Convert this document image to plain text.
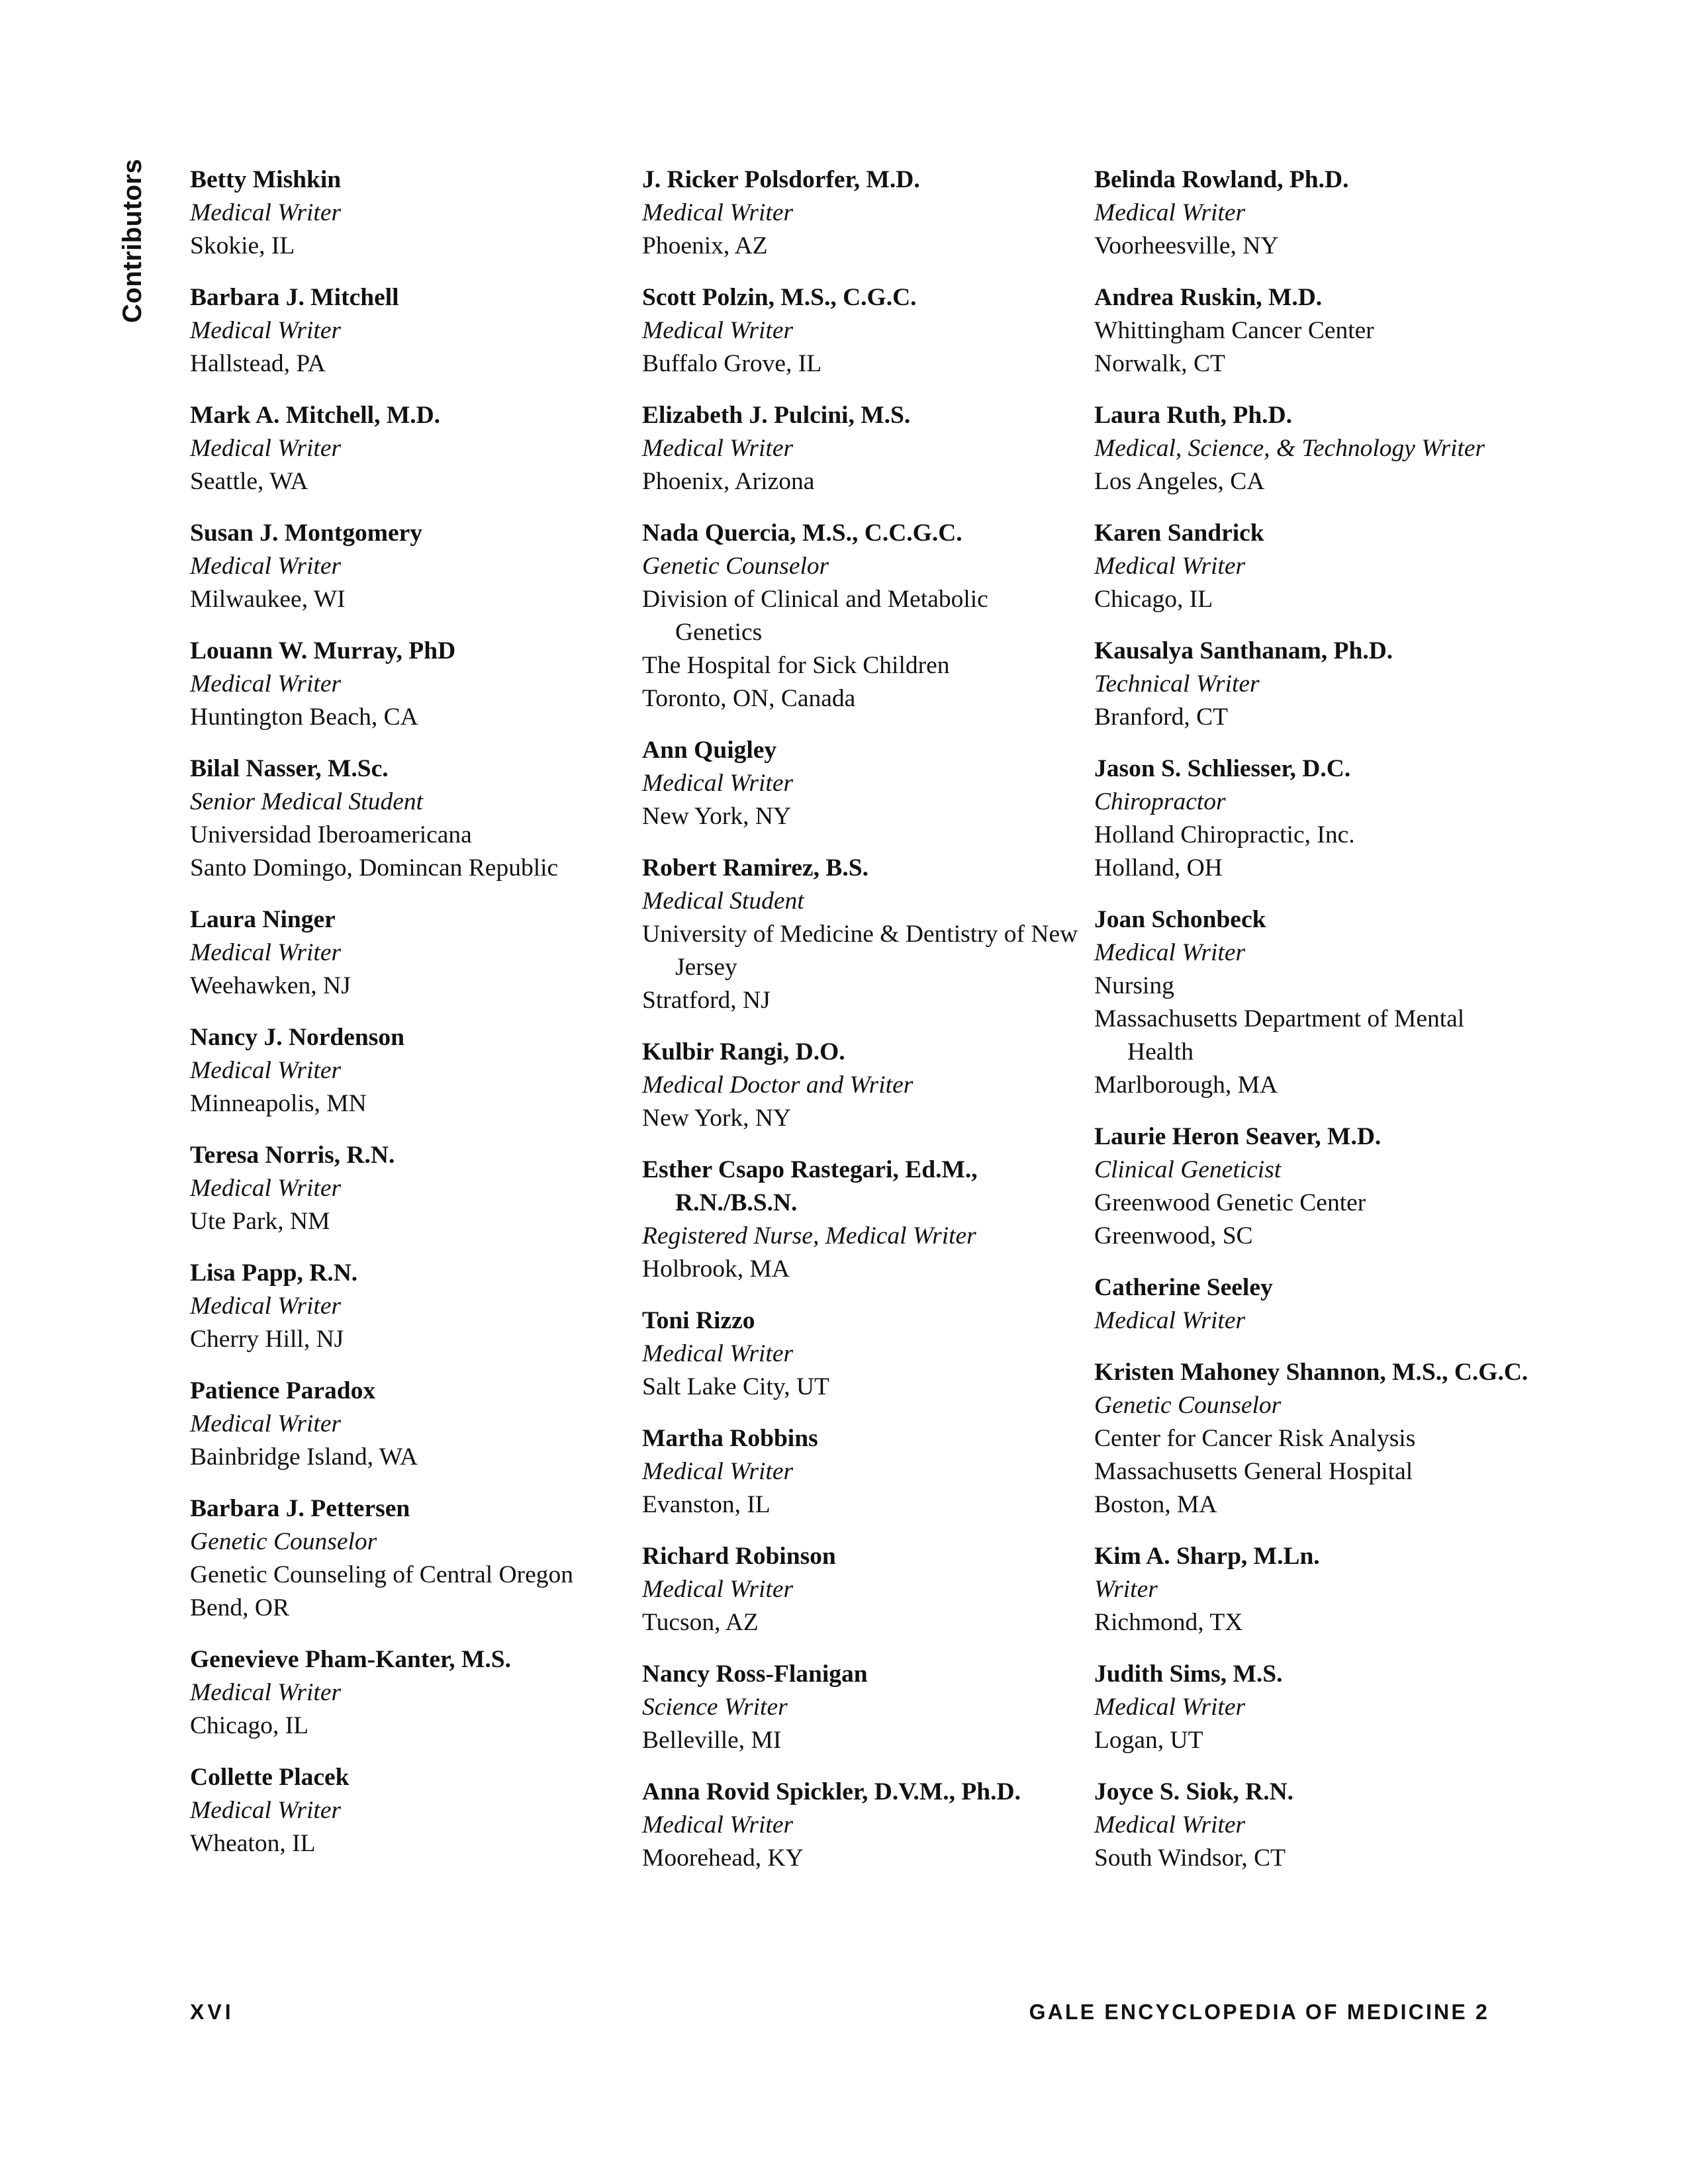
Contributors Betty Mishkin
Medical Writer
Skokie, IL
Barbara J. Mitchell
Medical Writer
Hallstead, PA
Mark A. Mitchell, M.D.
Medical Writer
Seattle, WA
Susan J. Montgomery
Medical Writer
Milwaukee, WI
Louann W. Murray, PhD
Medical Writer
Huntington Beach, CA
Bilal Nasser, M.Sc.
Senior Medical Student
Universidad Iberoamericana
Santo Domingo, Domincan Republic
Laura Ninger
Medical Writer
Weehawken, NJ
Nancy J. Nordenson
Medical Writer
Minneapolis, MN
Teresa Norris, R.N.
Medical Writer
Ute Park, NM
Lisa Papp, R.N.
Medical Writer
Cherry Hill, NJ
Patience Paradox
Medical Writer
Bainbridge Island, WA
Barbara J. Pettersen
Genetic Counselor
Genetic Counseling of Central Oregon
Bend, OR
Genevieve Pham-Kanter, M.S.
Medical Writer
Chicago, IL
Collette Placek
Medical Writer
Wheaton, IL
J. Ricker Polsdorfer, M.D.
Medical Writer
Phoenix, AZ
Scott Polzin, M.S., C.G.C.
Medical Writer
Buffalo Grove, IL
Elizabeth J. Pulcini, M.S.
Medical Writer
Phoenix, Arizona
Nada Quercia, M.S., C.C.G.C.
Genetic Counselor
Division of Clinical and Metabolic Genetics
The Hospital for Sick Children
Toronto, ON, Canada
Ann Quigley
Medical Writer
New York, NY
Robert Ramirez, B.S.
Medical Student
University of Medicine & Dentistry of New Jersey
Stratford, NJ
Kulbir Rangi, D.O.
Medical Doctor and Writer
New York, NY
Esther Csapo Rastegari, Ed.M., R.N./B.S.N.
Registered Nurse, Medical Writer
Holbrook, MA
Toni Rizzo
Medical Writer
Salt Lake City, UT
Martha Robbins
Medical Writer
Evanston, IL
Richard Robinson
Medical Writer
Tucson, AZ
Nancy Ross-Flanigan
Science Writer
Belleville, MI
Anna Rovid Spickler, D.V.M., Ph.D.
Medical Writer
Moorehead, KY
Belinda Rowland, Ph.D.
Medical Writer
Voorheesville, NY
Andrea Ruskin, M.D.
Whittingham Cancer Center
Norwalk, CT
Laura Ruth, Ph.D.
Medical, Science, & Technology Writer
Los Angeles, CA
Karen Sandrick
Medical Writer
Chicago, IL
Kausalya Santhanam, Ph.D.
Technical Writer
Branford, CT
Jason S. Schliesser, D.C.
Chiropractor
Holland Chiropractic, Inc.
Holland, OH
Joan Schonbeck
Medical Writer
Nursing
Massachusetts Department of Mental Health
Marlborough, MA
Laurie Heron Seaver, M.D.
Clinical Geneticist
Greenwood Genetic Center
Greenwood, SC
Catherine Seeley
Medical Writer
Kristen Mahoney Shannon, M.S., C.G.C.
Genetic Counselor
Center for Cancer Risk Analysis
Massachusetts General Hospital
Boston, MA
Kim A. Sharp, M.Ln.
Writer
Richmond, TX
Judith Sims, M.S.
Medical Writer
Logan, UT
Joyce S. Siok, R.N.
Medical Writer
South Windsor, CT
XVI	GALE ENCYCLOPEDIA OF MEDICINE 2
